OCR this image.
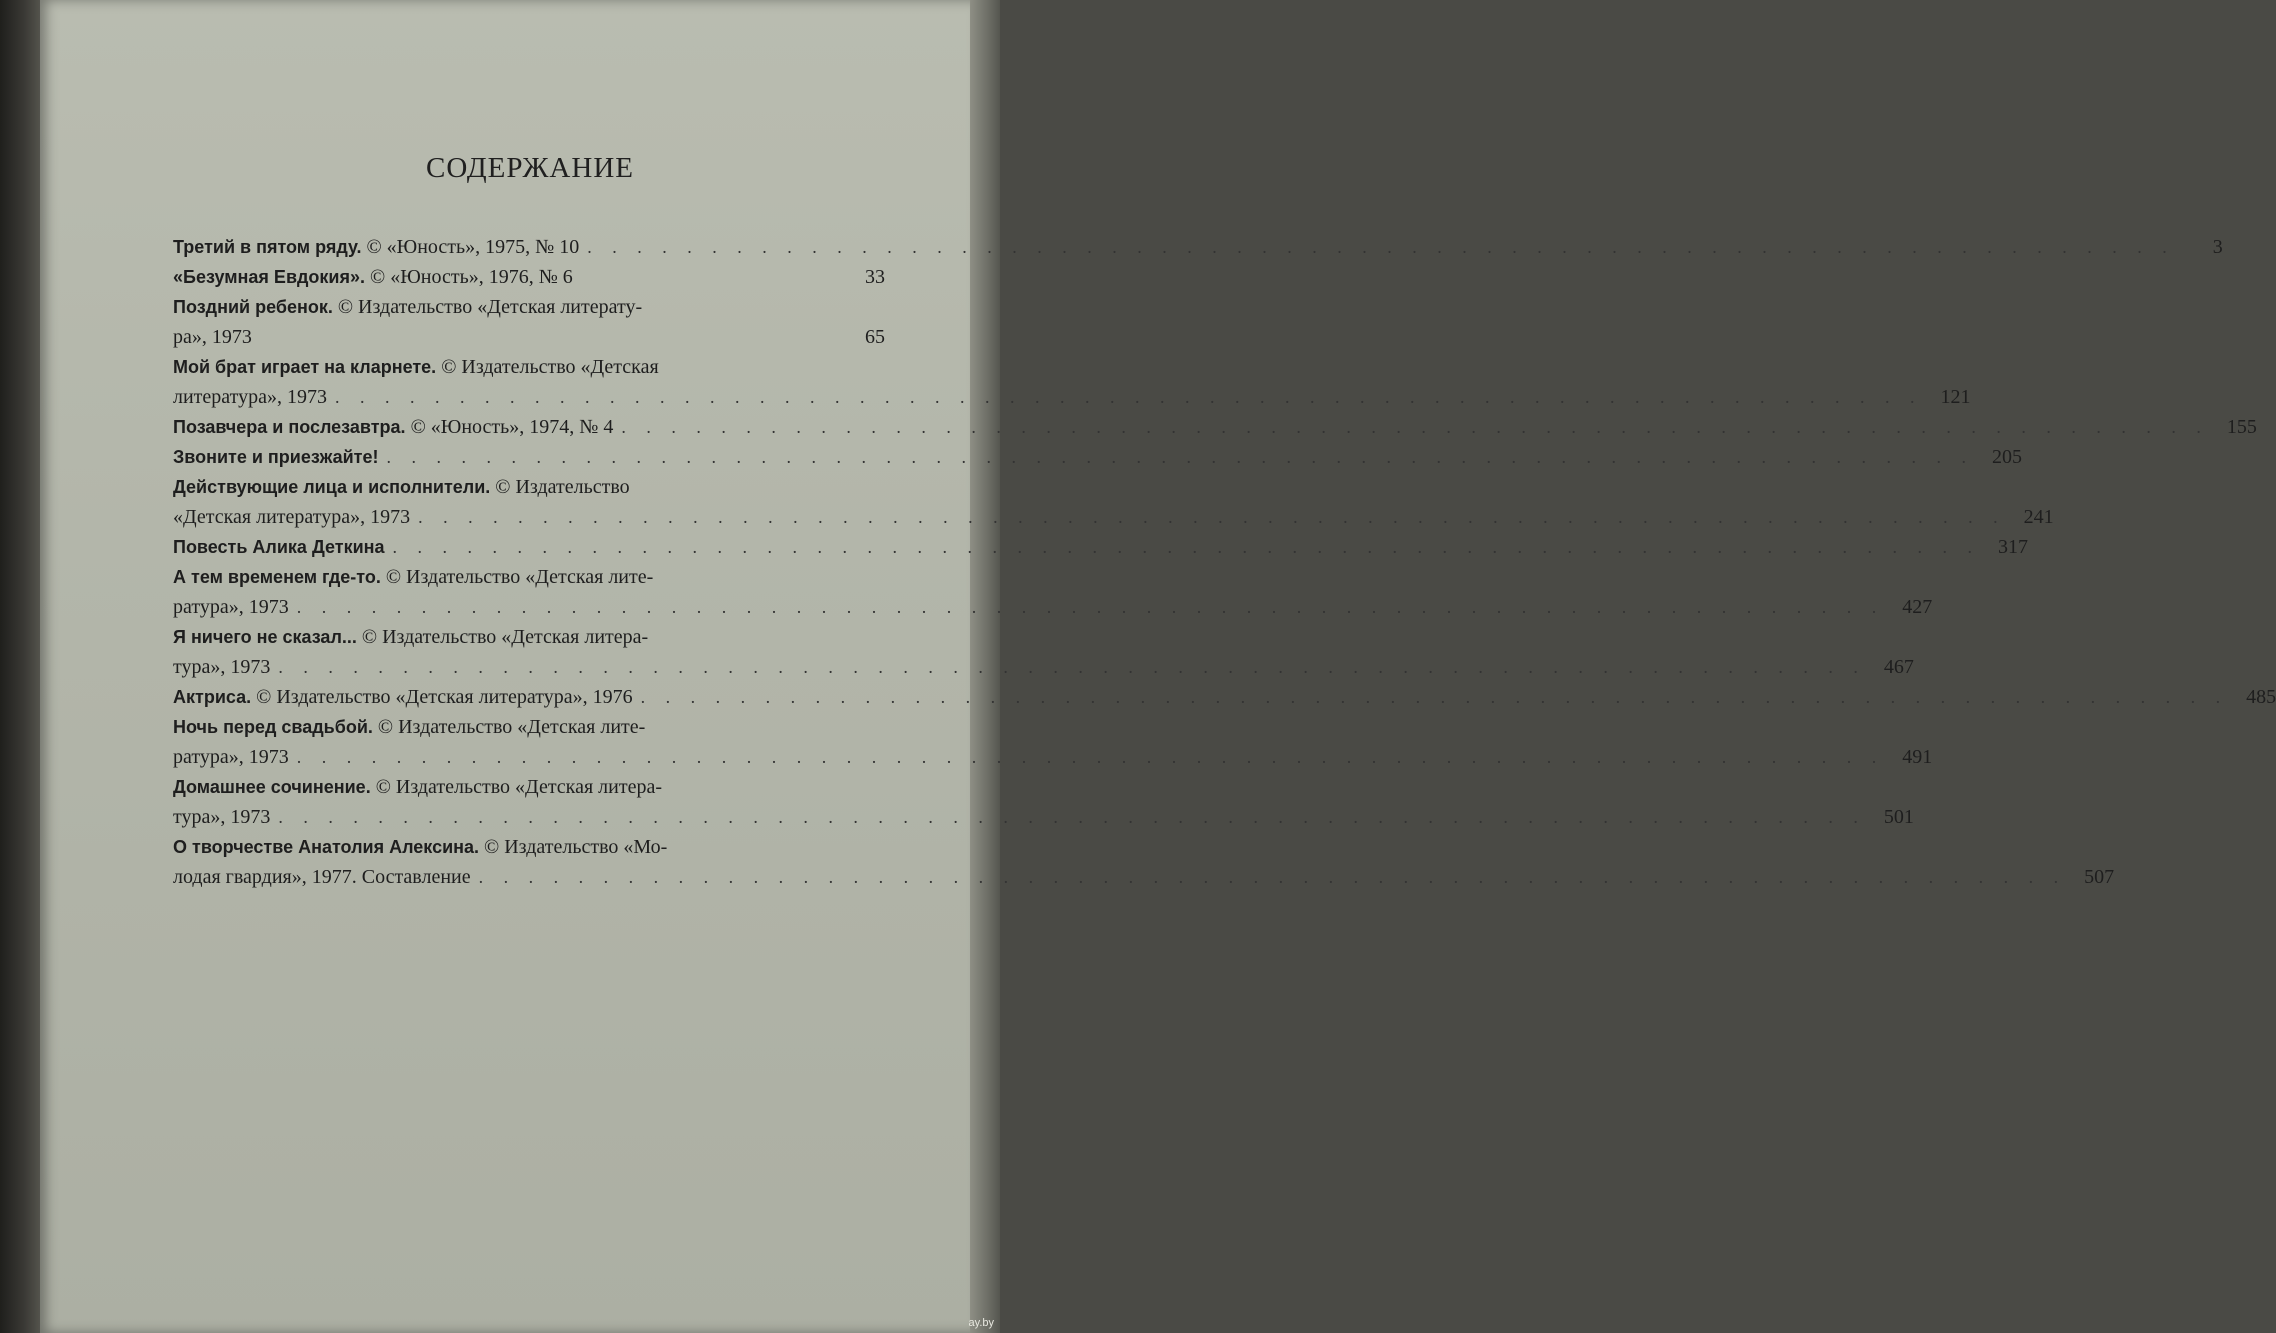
СОДЕРЖАНИЕ
Третий в пятом ряду. © «Юность», 1975, № 10 . . .	3
«Безумная Евдокия». © «Юность», 1976, № 6	33
Поздний ребенок. © Издательство «Детская литерату-
ра», 1973	65
Мой брат играет на кларнете. © Издательство «Детская
литература», 1973 . . .	121
Позавчера и послезавтра. © «Юность», 1974, № 4 . . .	155
Звоните и приезжайте! . . .	205
Действующие лица и исполнители. © Издательство
«Детская литература», 1973 . . .	241
Повесть Алика Деткина . . .	317
А тем временем где-то. © Издательство «Детская лите-
ратура», 1973 . . .	427
Я ничего не сказал... © Издательство «Детская литера-
тура», 1973 . . .	467
Актриса. © Издательство «Детская литература», 1976 . . .	485
Ночь перед свадьбой. © Издательство «Детская лите-
ратура», 1973 . . .	491
Домашнее сочинение. © Издательство «Детская литера-
тура», 1973 . . .	501
О творчестве Анатолия Алексина. © Издательство «Мо-
лодая гвардия», 1977. Составление . . .	507
ay.by
